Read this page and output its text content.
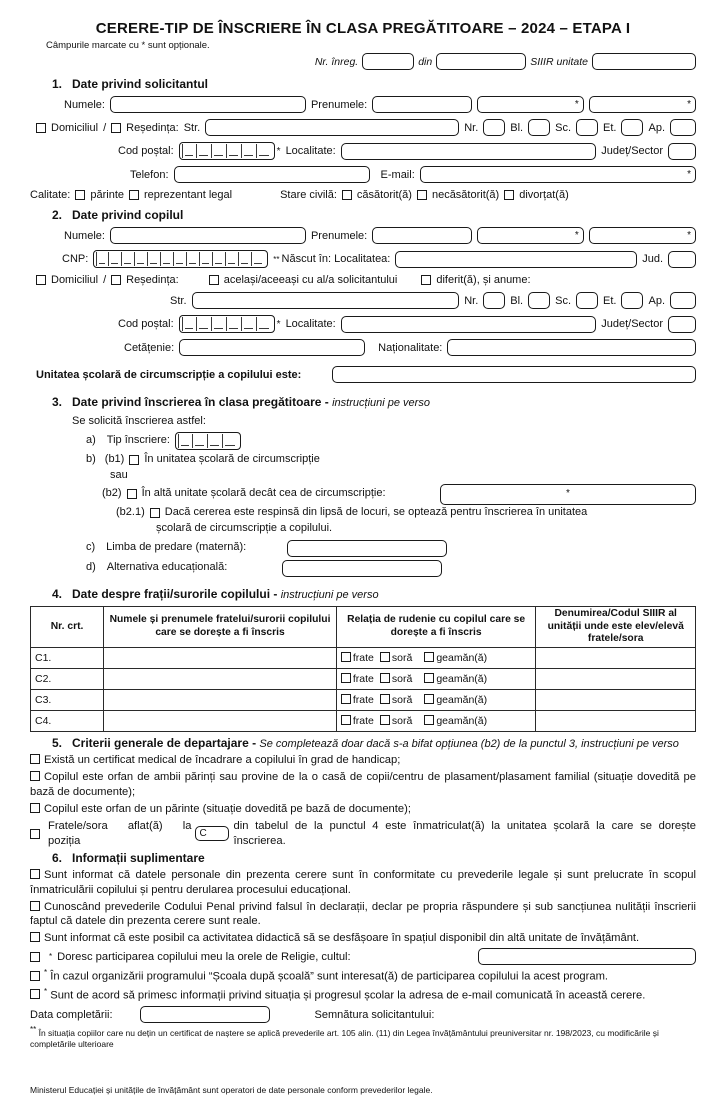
CERERE-TIP DE ÎNSCRIERE ÎN CLASA PREGĂTITOARE – 2024 – ETAPA I
Câmpurile marcate cu * sunt opționale.
Nr. înreg.	din	SIIIR unitate
1. Date privind solicitantul
Numele:	Prenumele:	*	*
Domiciliul / Reședința: Str.	Nr.	Bl.	Sc.	Et.	Ap.
Cod poștal:	* Localitate:	Județ/Sector
Telefon:	E-mail:	*
Calitate: părinte reprezentant legal	Stare civilă: căsătorit(ă) necăsătorit(ă) divorțat(ă)
2. Date privind copilul
Numele:	Prenumele:	*	*
CNP:	** Născut în: Localitatea:	Jud.
Domiciliul / Reședința:	același/aceeași cu al/a solicitantului	diferit(ă), și anume:
Str.	Nr.	Bl.	Sc.	Et.	Ap.
Cod poștal:	* Localitate:	Județ/Sector
Cetățenie:	Naționalitate:
Unitatea școlară de circumscripție a copilului este:
3. Date privind înscrierea în clasa pregătitoare - instrucțiuni pe verso
Se solicită înscrierea astfel:
a) Tip înscriere:
b) (b1) În unitatea școlară de circumscripție
sau
(b2) În altă unitate școlară decât cea de circumscripție:	*
(b2.1) Dacă cererea este respinsă din lipsă de locuri, se optează pentru înscrierea în unitatea
școlară de circumscripție a copilului.
c) Limba de predare (maternă):
d) Alternativa educațională:
4. Date despre frații/surorile copilului - instrucțiuni pe verso
Nr. crt.	Numele și prenumele fratelui/surorii copilului care se dorește a fi înscris	Relația de rudenie cu copilul care se dorește a fi înscris	Denumirea/Codul SIIIR al unității unde este elev/elevă fratele/sora
C1.		frate soră geamăn(ă)	
C2.		frate soră geamăn(ă)	
C3.		frate soră geamăn(ă)	
C4.		frate soră geamăn(ă)	
5. Criterii generale de departajare - Se completează doar dacă s-a bifat opțiunea (b2) de la punctul 3, instrucțiuni pe verso

Există un certificat medical de încadrare a copilului în grad de handicap;

Copilul este orfan de ambii părinți sau provine de la o casă de copii/centru de plasament/plasament familial (situație dovedită pe bază de documente);

Copilul este orfan de un părinte (situație dovedită pe bază de documente);

Fratele/sora aflat(ă) la poziția
C
din tabelul de la punctul 4 este înmatriculat(ă) la unitatea școlară la care se dorește înscrierea.

6. Informații suplimentare

Sunt informat că datele personale din prezenta cerere sunt în conformitate cu prevederile legale și sunt prelucrate în scopul înmatriculării copilului și pentru derularea procesului educațional.

Cunoscând prevederile Codului Penal privind falsul în declarații, declar pe propria răspundere și sub sancțiunea nulității înscrierii faptul că datele din prezenta cerere sunt reale.

Sunt informat că este posibil ca activitatea didactică să se desfășoare în spațiul disponibil din altă unitate de învățământ.

* Doresc participarea copilului meu la orele de Religie, cultul:

* În cazul organizării programului “Școala după școală” sunt interesat(ă) de participarea copilului la acest program.

* Sunt de acord să primesc informații privind situația și progresul școlar la adresa de e-mail comunicată în această cerere.

Data completării:	Semnătura solicitantului:
** În situația copiilor care nu dețin un certificat de naștere se aplică prevederile art. 105 alin. (11) din Legea învățământului preuniversitar nr. 198/2023, cu modificările și completările ulterioare
Ministerul Educației și unitățile de învățământ sunt operatori de date personale conform prevederilor legale.
